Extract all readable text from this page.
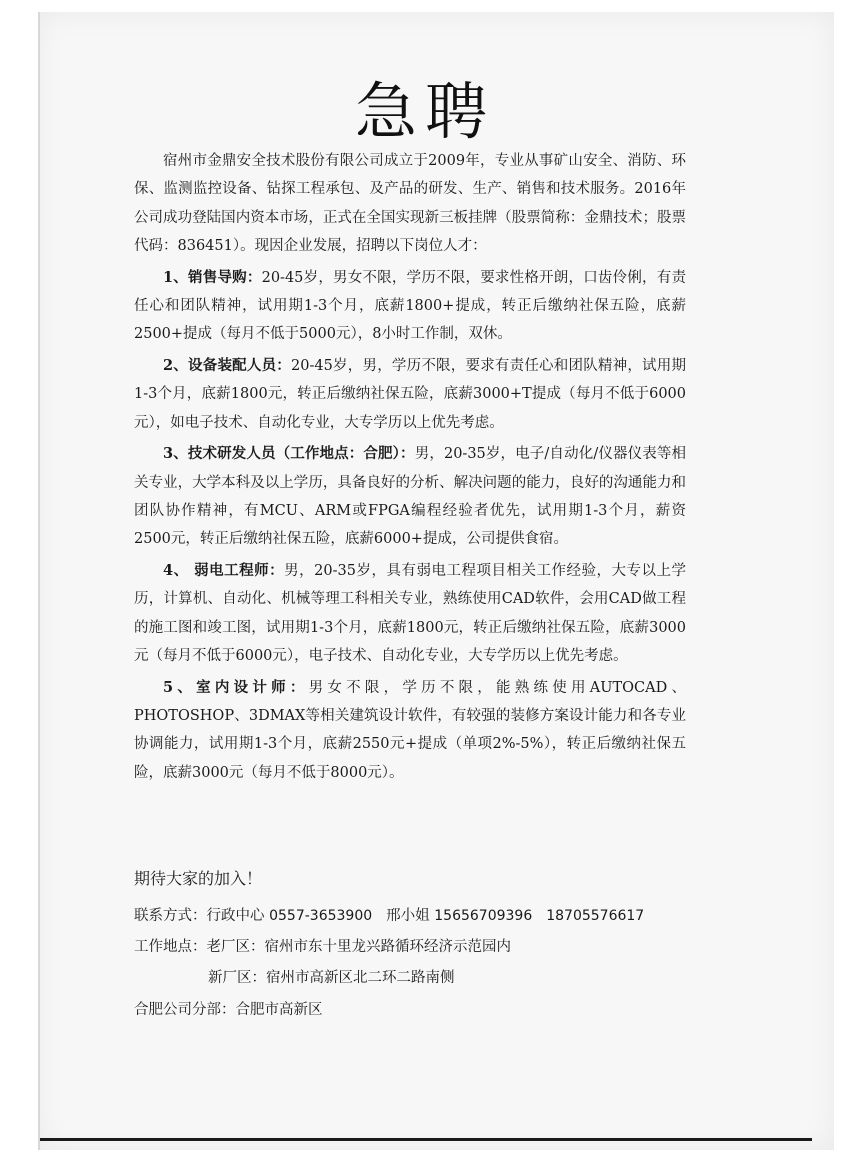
急聘

宿州市金鼎安全技术股份有限公司成立于2009年，专业从事矿山安全、消防、环保、监测监控设备、钻探工程承包、及产品的研发、生产、销售和技术服务。2016年公司成功登陆国内资本市场，正式在全国实现新三板挂牌（股票简称：金鼎技术；股票代码：836451）。现因企业发展，招聘以下岗位人才：

1、销售导购：20-45岁，男女不限，学历不限，要求性格开朗，口齿伶俐，有责任心和团队精神，试用期1-3个月，底薪1800+提成，转正后缴纳社保五险，底薪2500+提成（每月不低于5000元），8小时工作制，双休。

2、设备装配人员：20-45岁，男，学历不限，要求有责任心和团队精神，试用期1-3个月，底薪1800元，转正后缴纳社保五险，底薪3000+T提成（每月不低于6000元），如电子技术、自动化专业，大专学历以上优先考虑。

3、技术研发人员（工作地点：合肥）：男，20-35岁，电子/自动化/仪器仪表等相关专业，大学本科及以上学历，具备良好的分析、解决问题的能力，良好的沟通能力和团队协作精神，有MCU、ARM或FPGA编程经验者优先，试用期1-3个月，薪资2500元，转正后缴纳社保五险，底薪6000+提成，公司提供食宿。

4、 弱电工程师：男，20-35岁，具有弱电工程项目相关工作经验，大专以上学历，计算机、自动化、机械等理工科相关专业，熟练使用CAD软件，会用CAD做工程的施工图和竣工图，试用期1-3个月，底薪1800元，转正后缴纳社保五险，底薪3000元（每月不低于6000元），电子技术、自动化专业，大专学历以上优先考虑。

5、室内设计师：男女不限，学历不限，能熟练使用AUTOCAD、PHOTOSHOP、3DMAX等相关建筑设计软件，有较强的装修方案设计能力和各专业协调能力，试用期1-3个月，底薪2550元+提成（单项2%-5%），转正后缴纳社保五险，底薪3000元（每月不低于8000元）。

期待大家的加入！

联系方式：行政中心 0557-3653900 邢小姐 15656709396 18705576617

工作地点：老厂区：宿州市东十里龙兴路循环经济示范园内

新厂区：宿州市高新区北二环二路南侧

合肥公司分部：合肥市高新区
